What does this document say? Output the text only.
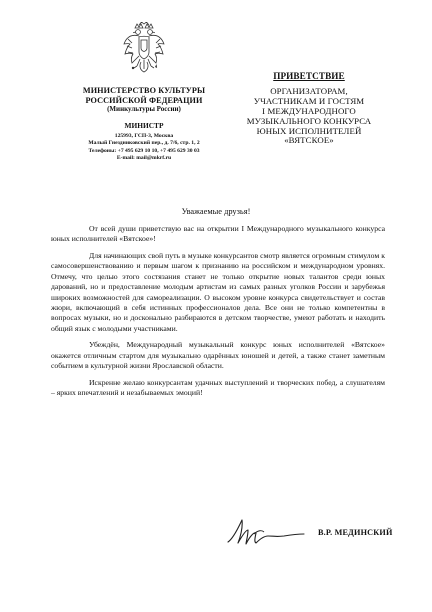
МИНИСТЕРСТВО КУЛЬТУРЫ
РОССИЙСКОЙ ФЕДЕРАЦИИ
(Минкультуры России)
МИНИСТР
125993, ГСП-3, Москва
Малый Гнездниковский пер., д. 7/6, стр. 1, 2
Телефоны: +7 495 629 10 10, +7 495 629 30 03
E-mail: mail@mkrf.ru
ПРИВЕТСТВИЕ
ОРГАНИЗАТОРАМ,
УЧАСТНИКАМ И ГОСТЯМ
I МЕЖДУНАРОДНОГО
МУЗЫКАЛЬНОГО КОНКУРСА
ЮНЫХ ИСПОЛНИТЕЛЕЙ
«ВЯТСКОЕ»
Уважаемые друзья!

От всей души приветствую вас на открытии I Международного музыкального конкурса юных исполнителей «Вятское»!

Для начинающих свой путь в музыке конкурсантов смотр является огромным стимулом к самосовершенствованию и первым шагом к признанию на российском и международном уровнях. Отмечу, что целью этого состязания станет не только открытие новых талантов среди юных дарований, но и предоставление молодым артистам из самых разных уголков России и зарубежья широких возможностей для самореализации. О высоком уровне конкурса свидетельствует и состав жюри, включающий в себя истинных профессионалов дела. Все они не только компетентны в вопросах музыки, но и досконально разбираются в детском творчестве, умеют работать и находить общий язык с молодыми участниками.

Убеждён, Международный музыкальный конкурс юных исполнителей «Вятское» окажется отличным стартом для музыкально одарённых юношей и детей, а также станет заметным событием в культурной жизни Ярославской области.

Искренне желаю конкурсантам удачных выступлений и творческих побед, а слушателям – ярких впечатлений и незабываемых эмоций!

В.Р. МЕДИНСКИЙ
